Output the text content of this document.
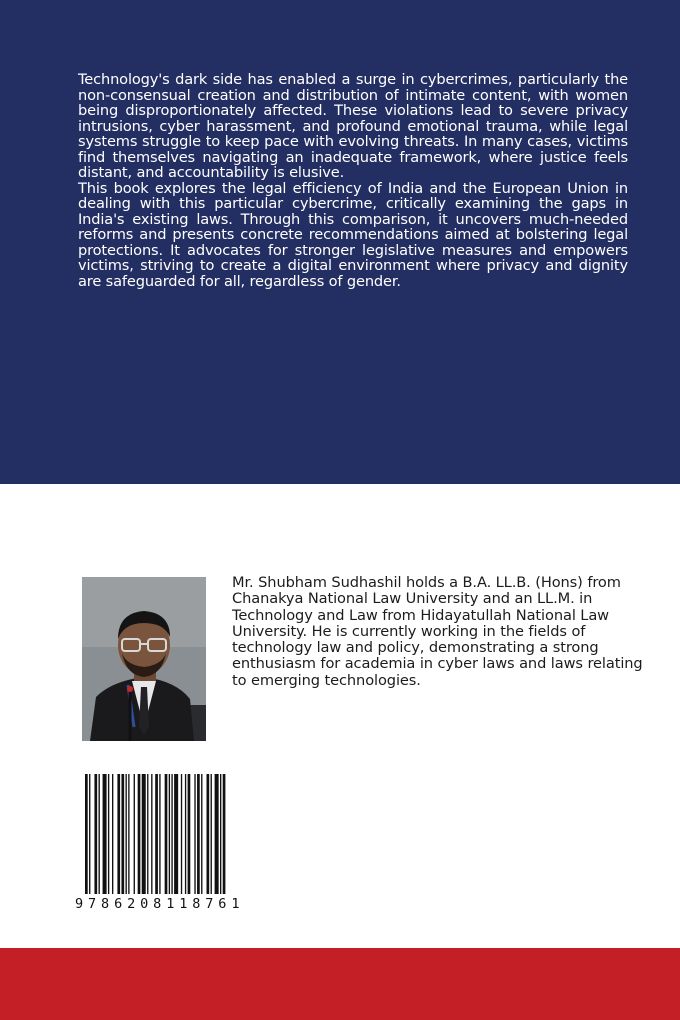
Technology's dark side has enabled a surge in cybercrimes, particularly the non-consensual creation and distribution of intimate content, with women being disproportionately affected. These violations lead to severe privacy intrusions, cyber harassment, and profound emotional trauma, while legal systems struggle to keep pace with evolving threats. In many cases, victims find themselves navigating an inadequate framework, where justice feels distant, and accountability is elusive.

This book explores the legal efficiency of India and the European Union in dealing with this particular cybercrime, critically examining the gaps in India's existing laws. Through this comparison, it uncovers much-needed reforms and presents concrete recommendations aimed at bolstering legal protections. It advocates for stronger legislative measures and empowers victims, striving to create a digital environment where privacy and dignity are safeguarded for all, regardless of gender.

Mr. Shubham Sudhashil holds a B.A. LL.B. (Hons) from Chanakya National Law University and an LL.M. in Technology and Law from Hidayatullah National Law University. He is currently working in the fields of technology law and policy, demonstrating a strong enthusiasm for academia in cyber laws and laws relating to emerging technologies.
9786208118761
